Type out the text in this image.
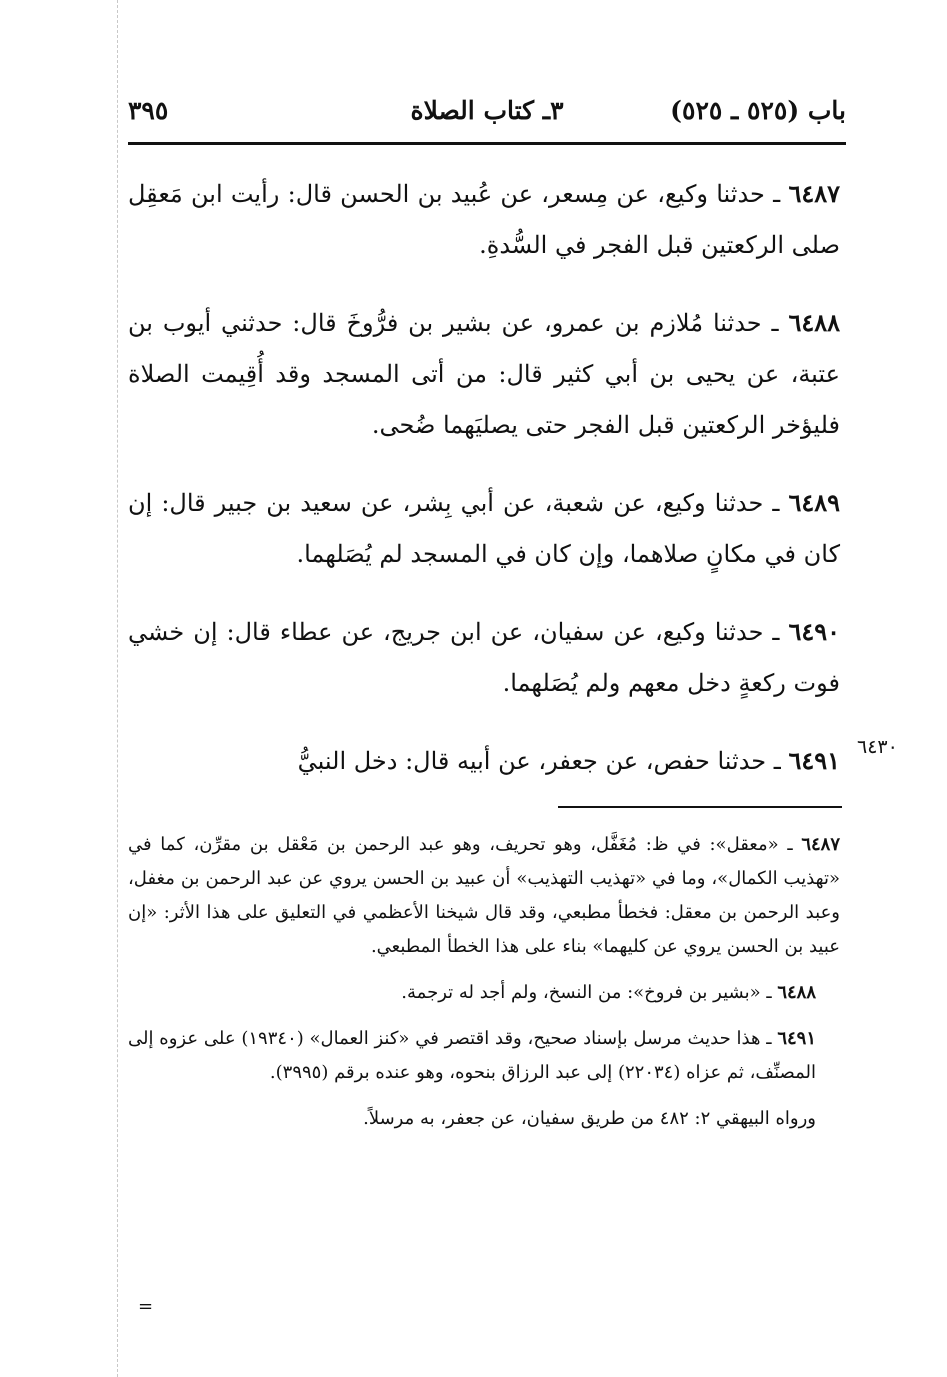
باب (٥٢٥ ـ ٥٢٥)
٣ـ كتاب الصلاة
٣٩٥

٦٤٨٧ ـ حدثنا وكيع، عن مِسعر، عن عُبيد بن الحسن قال: رأيت ابن مَعقِل صلى الركعتين قبل الفجر في السُّدةِ.

٦٤٨٨ ـ حدثنا مُلازم بن عمرو، عن بشير بن فرُّوخَ قال: حدثني أيوب بن عتبة، عن يحيى بن أبي كثير قال: من أتى المسجد وقد أُقِيمت الصلاة فليؤخر الركعتين قبل الفجر حتى يصليَهما ضُحى.

٦٤٨٩ ـ حدثنا وكيع، عن شعبة، عن أبي بِشر، عن سعيد بن جبير قال: إن كان في مكانٍ صلاهما، وإن كان في المسجد لم يُصَلهما.

٦٤٩٠ ـ حدثنا وكيع، عن سفيان، عن ابن جريج، عن عطاء قال: إن خشي فوت ركعةٍ دخل معهم ولم يُصَلهما.

٦٤٩١ ـ حدثنا حفص، عن جعفر، عن أبيه قال: دخل النبيُّ	٦٤٣٠

٦٤٨٧ ـ «معقل»: في ظ: مُغَفَّل، وهو تحريف، وهو عبد الرحمن بن مَعْقل بن مقرِّن، كما في «تهذيب الكمال»، وما في «تهذيب التهذيب» أن عبيد بن الحسن يروي عن عبد الرحمن بن مغفل، وعبد الرحمن بن معقل: فخطأ مطبعي، وقد قال شيخنا الأعظمي في التعليق على هذا الأثر: «إن عبيد بن الحسن يروي عن كليهما» بناء على هذا الخطأ المطبعي.

٦٤٨٨ ـ «بشير بن فروخ»: من النسخ، ولم أجد له ترجمة.

٦٤٩١ ـ هذا حديث مرسل بإسناد صحيح، وقد اقتصر في «كنز العمال» (١٩٣٤٠) على عزوه إلى المصنِّف، ثم عزاه (٢٢٠٣٤) إلى عبد الرزاق بنحوه، وهو عنده برقم (٣٩٩٥).

ورواه البيهقي ٢: ٤٨٢ من طريق سفيان، عن جعفر، به مرسلاً.

=
